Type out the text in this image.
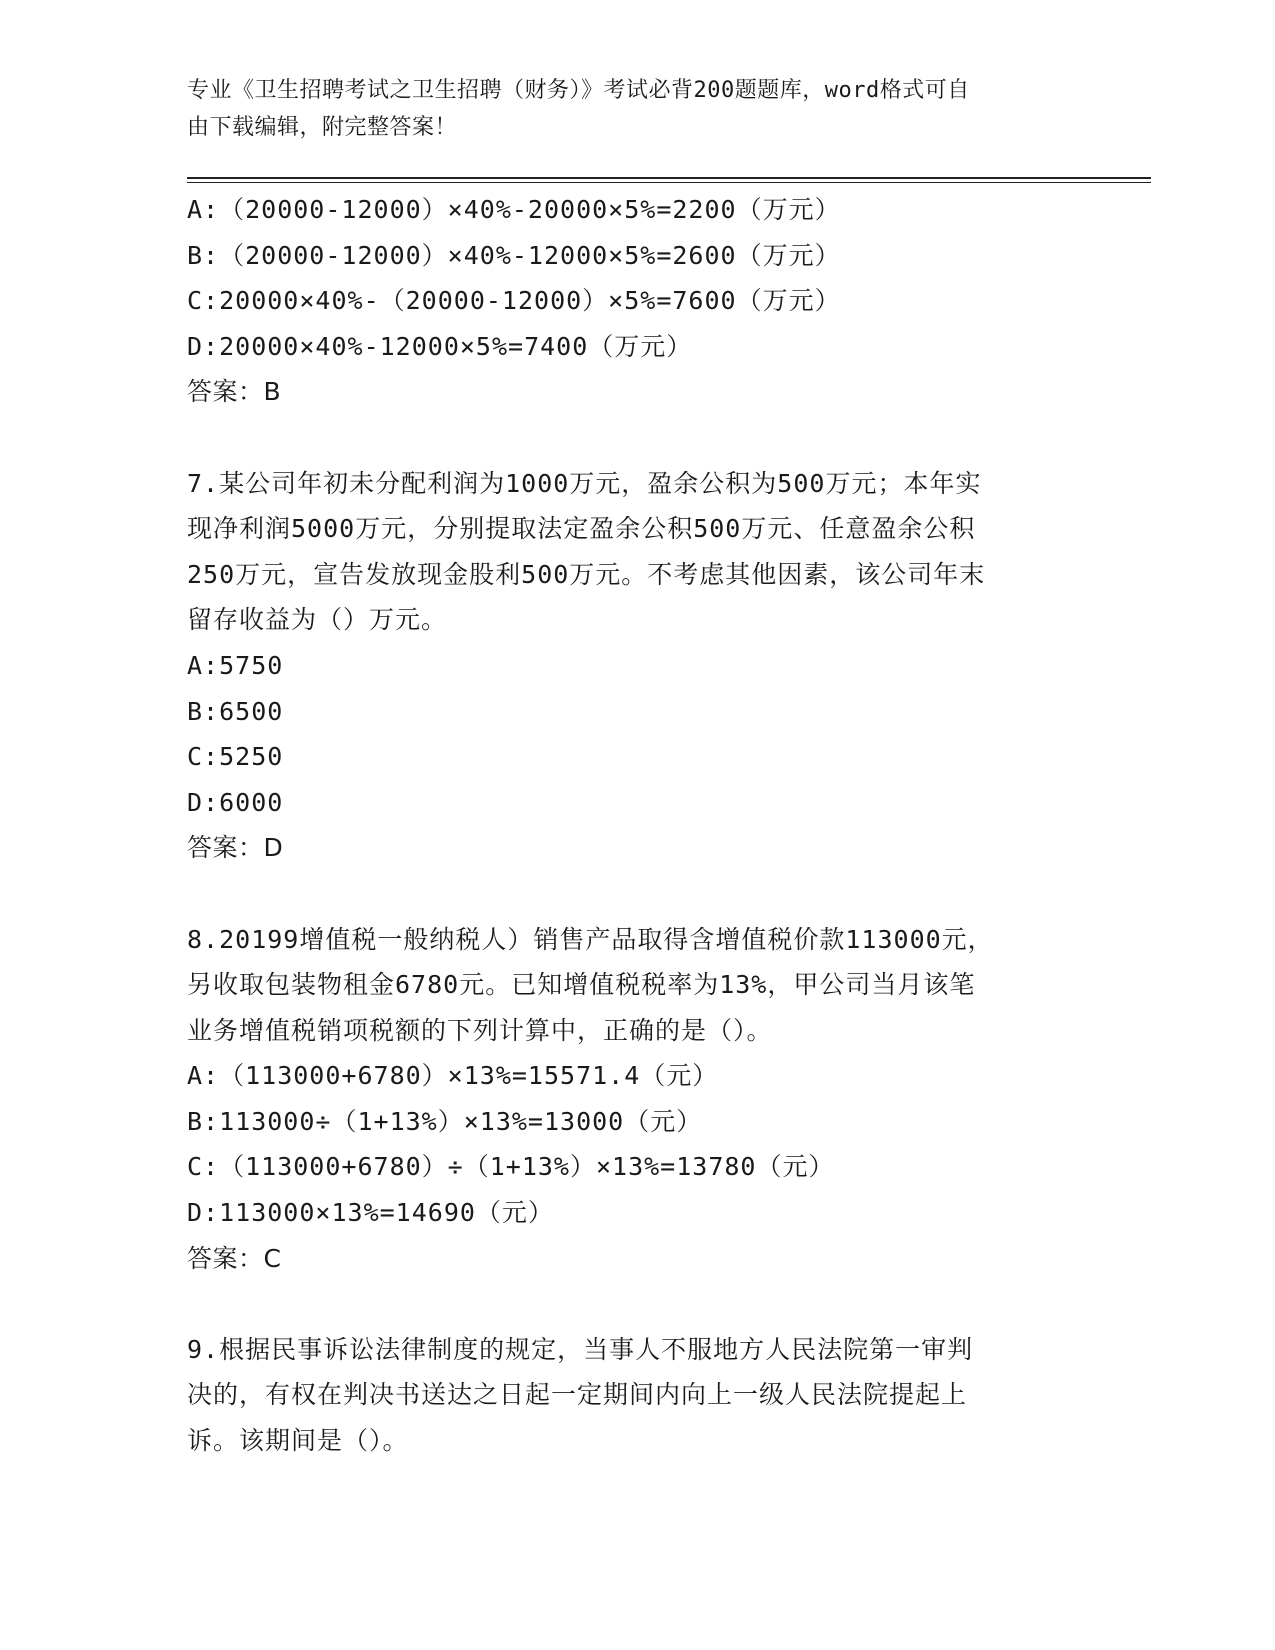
专业《卫生招聘考试之卫生招聘（财务）》考试必背200题题库，word格式可自
由下载编辑，附完整答案！
A:（20000-12000）×40%-20000×5%=2200（万元）
B:（20000-12000）×40%-12000×5%=2600（万元）
C:20000×40%-（20000-12000）×5%=7600（万元）
D:20000×40%-12000×5%=7400（万元）
答案：B
7.某公司年初未分配利润为1000万元，盈余公积为500万元；本年实
现净利润5000万元，分别提取法定盈余公积500万元、任意盈余公积
250万元，宣告发放现金股利500万元。不考虑其他因素，该公司年末
留存收益为（）万元。
A:5750
B:6500
C:5250
D:6000
答案：D
8.20199增值税一般纳税人）销售产品取得含增值税价款113000元，
另收取包装物租金6780元。已知增值税税率为13%，甲公司当月该笔
业务增值税销项税额的下列计算中，正确的是（）。
A:（113000+6780）×13%=15571.4（元）
B:113000÷（1+13%）×13%=13000（元）
C:（113000+6780）÷（1+13%）×13%=13780（元）
D:113000×13%=14690（元）
答案：C
9.根据民事诉讼法律制度的规定，当事人不服地方人民法院第一审判
决的，有权在判决书送达之日起一定期间内向上一级人民法院提起上
诉。该期间是（）。
